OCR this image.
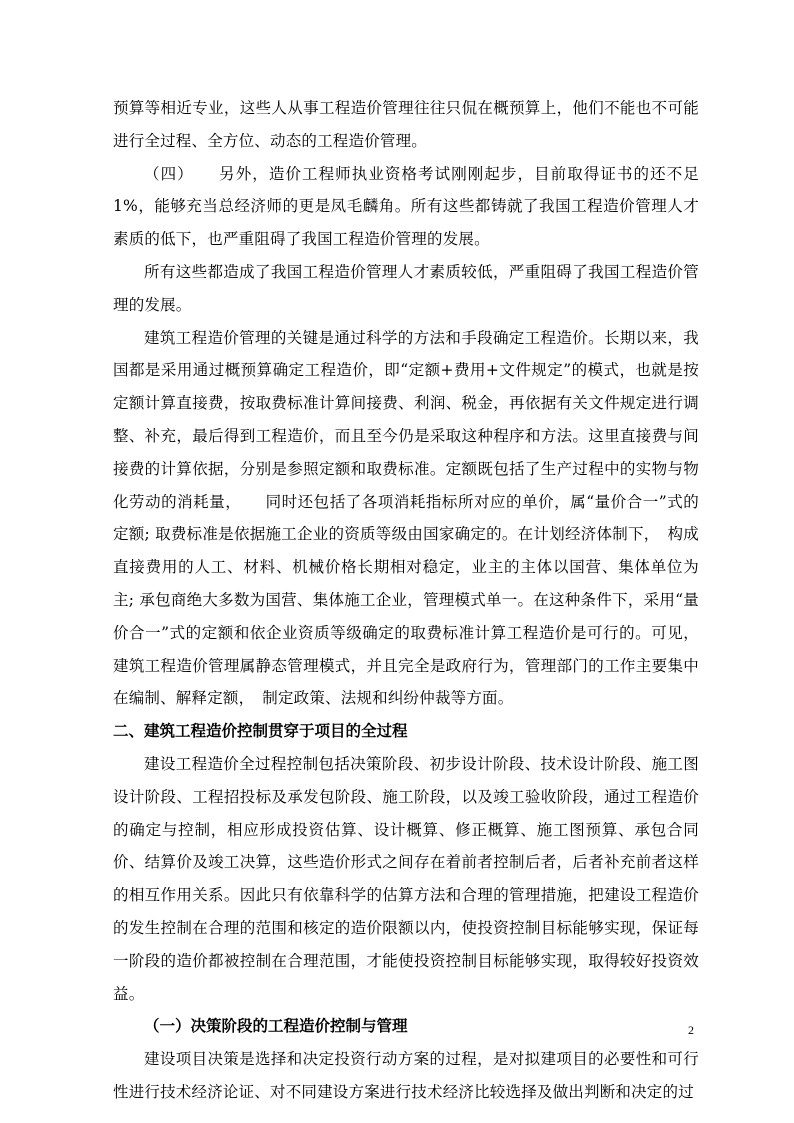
预算等相近专业，这些人从事工程造价管理往往只侃在概预算上，他们不能也不可能进行全过程、全方位、动态的工程造价管理。

（四）　　另外，造价工程师执业资格考试刚刚起步，目前取得证书的还不足1%，能够充当总经济师的更是凤毛麟角。所有这些都铸就了我国工程造价管理人才素质的低下，也严重阻碍了我国工程造价管理的发展。

所有这些都造成了我国工程造价管理人才素质较低，严重阻碍了我国工程造价管理的发展。

建筑工程造价管理的关键是通过科学的方法和手段确定工程造价。长期以来，我国都是采用通过概预算确定工程造价，即“定额+费用+文件规定”的模式，也就是按定额计算直接费，按取费标准计算间接费、利润、税金，再依据有关文件规定进行调整、补充，最后得到工程造价，而且至今仍是采取这种程序和方法。这里直接费与间接费的计算依据，分别是参照定额和取费标准。定额既包括了生产过程中的实物与物化劳动的消耗量，　　同时还包括了各项消耗指标所对应的单价，属“量价合一”式的定额; 取费标准是依据施工企业的资质等级由国家确定的。在计划经济体制下，　构成直接费用的人工、材料、机械价格长期相对稳定，业主的主体以国营、集体单位为主; 承包商绝大多数为国营、集体施工企业，管理模式单一。在这种条件下，采用“量价合一”式的定额和依企业资质等级确定的取费标准计算工程造价是可行的。可见，建筑工程造价管理属静态管理模式，并且完全是政府行为，管理部门的工作主要集中在编制、解释定额，　制定政策、法规和纠纷仲裁等方面。

二、建筑工程造价控制贯穿于项目的全过程

建设工程造价全过程控制包括决策阶段、初步设计阶段、技术设计阶段、施工图设计阶段、工程招投标及承发包阶段、施工阶段，以及竣工验收阶段，通过工程造价的确定与控制，相应形成投资估算、设计概算、修正概算、施工图预算、承包合同价、结算价及竣工决算，这些造价形式之间存在着前者控制后者，后者补充前者这样的相互作用关系。因此只有依靠科学的估算方法和合理的管理措施，把建设工程造价的发生控制在合理的范围和核定的造价限额以内，使投资控制目标能够实现，保证每一阶段的造价都被控制在合理范围，才能使投资控制目标能够实现，取得较好投资效益。

（一）决策阶段的工程造价控制与管理

建设项目决策是选择和决定投资行动方案的过程，是对拟建项目的必要性和可行性进行技术经济论证、对不同建设方案进行技术经济比较选择及做出判断和决定的过

2
